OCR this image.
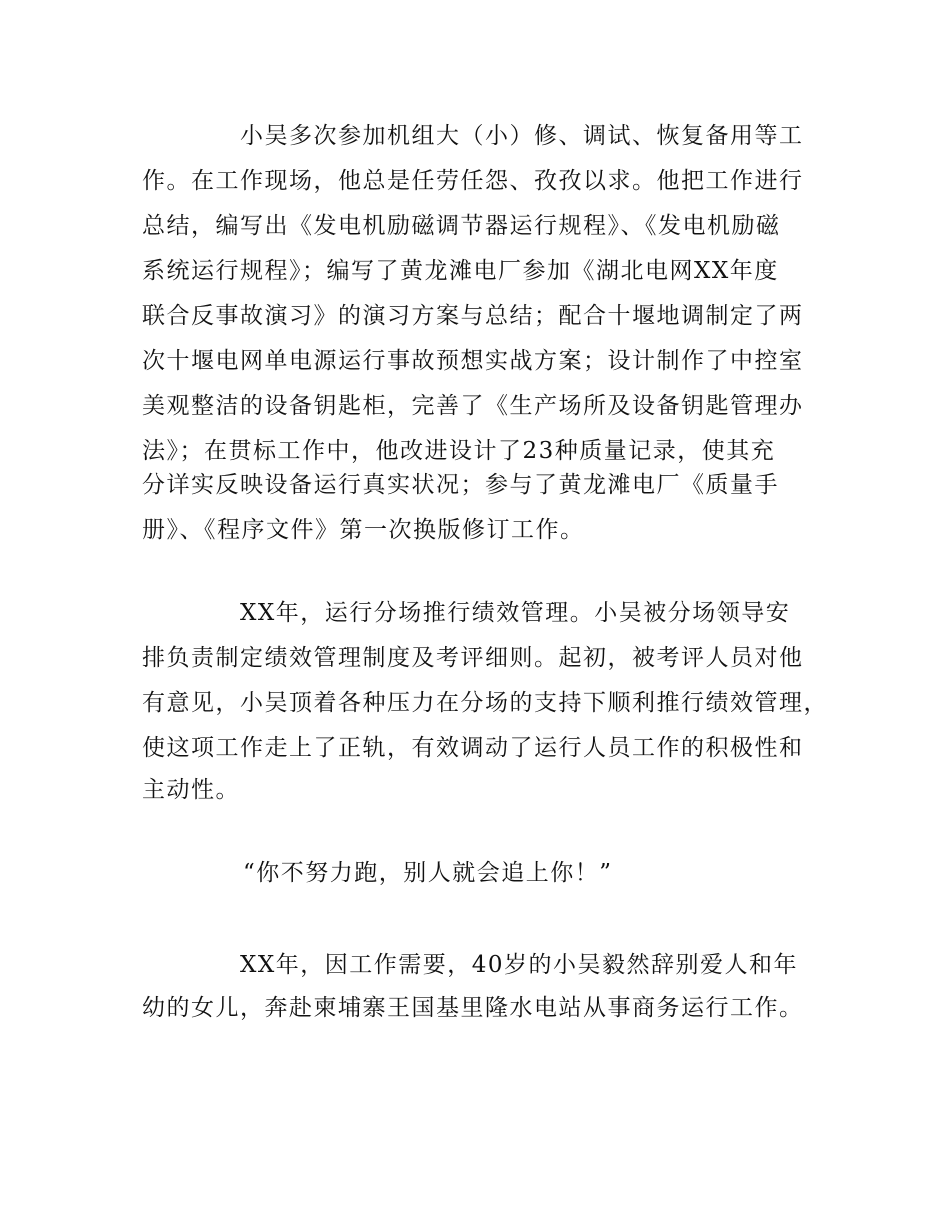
小吴多次参加机组大（小）修、调试、恢复备用等工
作。在工作现场，他总是任劳任怨、孜孜以求。他把工作进行
总结，编写出《发电机励磁调节器运行规程》、《发电机励磁
系统运行规程》；编写了黄龙滩电厂参加《湖北电网XX年度
联合反事故演习》的演习方案与总结；配合十堰地调制定了两
次十堰电网单电源运行事故预想实战方案；设计制作了中控室
美观整洁的设备钥匙柜，完善了《生产场所及设备钥匙管理办
法》；在贯标工作中，他改进设计了23种质量记录，使其充
分详实反映设备运行真实状况；参与了黄龙滩电厂《质量手
册》、《程序文件》第一次换版修订工作。
XX年，运行分场推行绩效管理。小吴被分场领导安
排负责制定绩效管理制度及考评细则。起初，被考评人员对他
有意见，小吴顶着各种压力在分场的支持下顺利推行绩效管理，
使这项工作走上了正轨，有效调动了运行人员工作的积极性和
主动性。
“你不努力跑，别人就会追上你！”
XX年，因工作需要，40岁的小吴毅然辞别爱人和年
幼的女儿，奔赴柬埔寨王国基里隆水电站从事商务运行工作。
